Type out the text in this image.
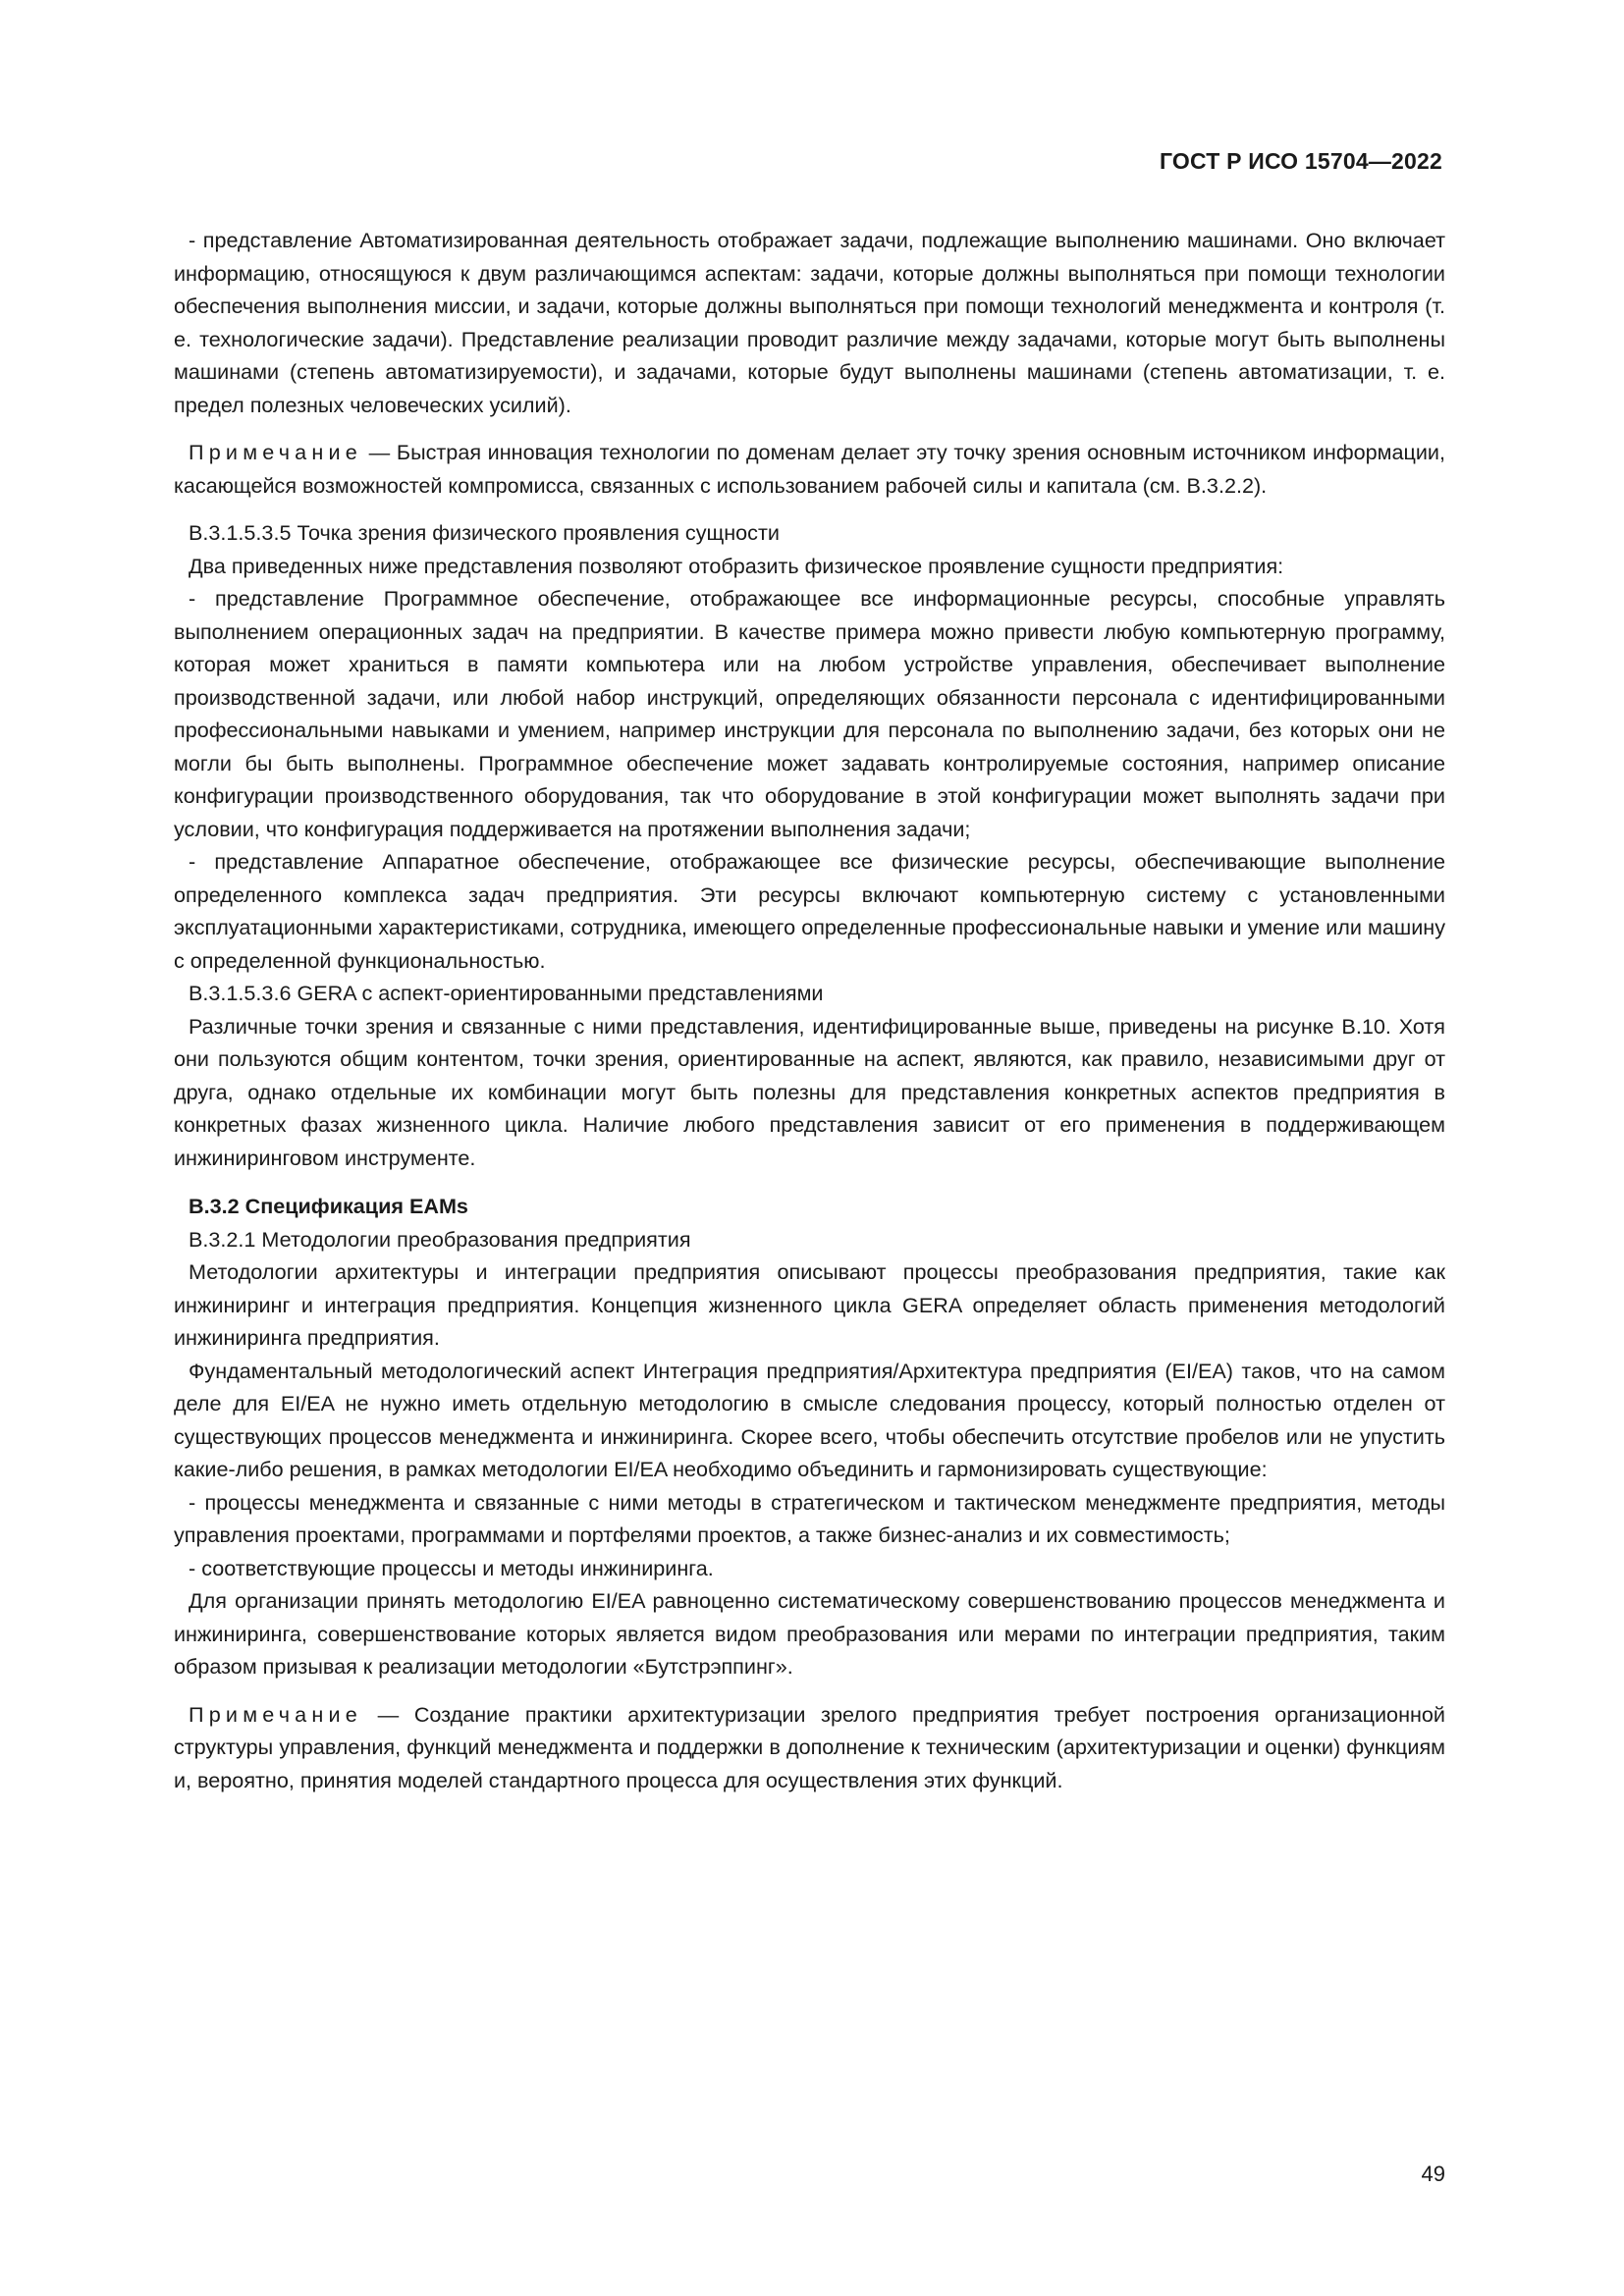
ГОСТ Р ИСО 15704—2022

- представление Автоматизированная деятельность отображает задачи, подлежащие выполнению машинами. Оно включает информацию, относящуюся к двум различающимся аспектам: задачи, которые должны выполняться при помощи технологии обеспечения выполнения миссии, и задачи, которые должны выполняться при помощи технологий менеджмента и контроля (т. е. технологические задачи). Представление реализации проводит различие между задачами, которые могут быть выполнены машинами (степень автоматизируемости), и задачами, которые будут выполнены машинами (степень автоматизации, т. е. предел полезных человеческих усилий).

Примечание — Быстрая инновация технологии по доменам делает эту точку зрения основным источником информации, касающейся возможностей компромисса, связанных с использованием рабочей силы и капитала (см. В.3.2.2).

В.3.1.5.3.5 Точка зрения физического проявления сущности

Два приведенных ниже представления позволяют отобразить физическое проявление сущности предприятия:

- представление Программное обеспечение, отображающее все информационные ресурсы, способные управлять выполнением операционных задач на предприятии. В качестве примера можно привести любую компьютерную программу, которая может храниться в памяти компьютера или на любом устройстве управления, обеспечивает выполнение производственной задачи, или любой набор инструкций, определяющих обязанности персонала с идентифицированными профессиональными навыками и умением, например инструкции для персонала по выполнению задачи, без которых они не могли бы быть выполнены. Программное обеспечение может задавать контролируемые состояния, например описание конфигурации производственного оборудования, так что оборудование в этой конфигурации может выполнять задачи при условии, что конфигурация поддерживается на протяжении выполнения задачи;

- представление Аппаратное обеспечение, отображающее все физические ресурсы, обеспечивающие выполнение определенного комплекса задач предприятия. Эти ресурсы включают компьютерную систему с установленными эксплуатационными характеристиками, сотрудника, имеющего определенные профессиональные навыки и умение или машину с определенной функциональностью.

В.3.1.5.3.6 GERA с аспект-ориентированными представлениями

Различные точки зрения и связанные с ними представления, идентифицированные выше, приведены на рисунке В.10. Хотя они пользуются общим контентом, точки зрения, ориентированные на аспект, являются, как правило, независимыми друг от друга, однако отдельные их комбинации могут быть полезны для представления конкретных аспектов предприятия в конкретных фазах жизненного цикла. Наличие любого представления зависит от его применения в поддерживающем инжиниринговом инструменте.

В.3.2 Спецификация EAMs

В.3.2.1 Методологии преобразования предприятия

Методологии архитектуры и интеграции предприятия описывают процессы преобразования предприятия, такие как инжиниринг и интеграция предприятия. Концепция жизненного цикла GERA определяет область применения методологий инжиниринга предприятия.

Фундаментальный методологический аспект Интеграция предприятия/Архитектура предприятия (EI/EA) таков, что на самом деле для EI/EA не нужно иметь отдельную методологию в смысле следования процессу, который полностью отделен от существующих процессов менеджмента и инжиниринга. Скорее всего, чтобы обеспечить отсутствие пробелов или не упустить какие-либо решения, в рамках методологии EI/EA необходимо объединить и гармонизировать существующие:

- процессы менеджмента и связанные с ними методы в стратегическом и тактическом менеджменте предприятия, методы управления проектами, программами и портфелями проектов, а также бизнес-анализ и их совместимость;

- соответствующие процессы и методы инжиниринга.

Для организации принять методологию EI/EA равноценно систематическому совершенствованию процессов менеджмента и инжиниринга, совершенствование которых является видом преобразования или мерами по интеграции предприятия, таким образом призывая к реализации методологии «Бутстрэппинг».

Примечание — Создание практики архитектуризации зрелого предприятия требует построения организационной структуры управления, функций менеджмента и поддержки в дополнение к техническим (архитектуризации и оценки) функциям и, вероятно, принятия моделей стандартного процесса для осуществления этих функций.

49
